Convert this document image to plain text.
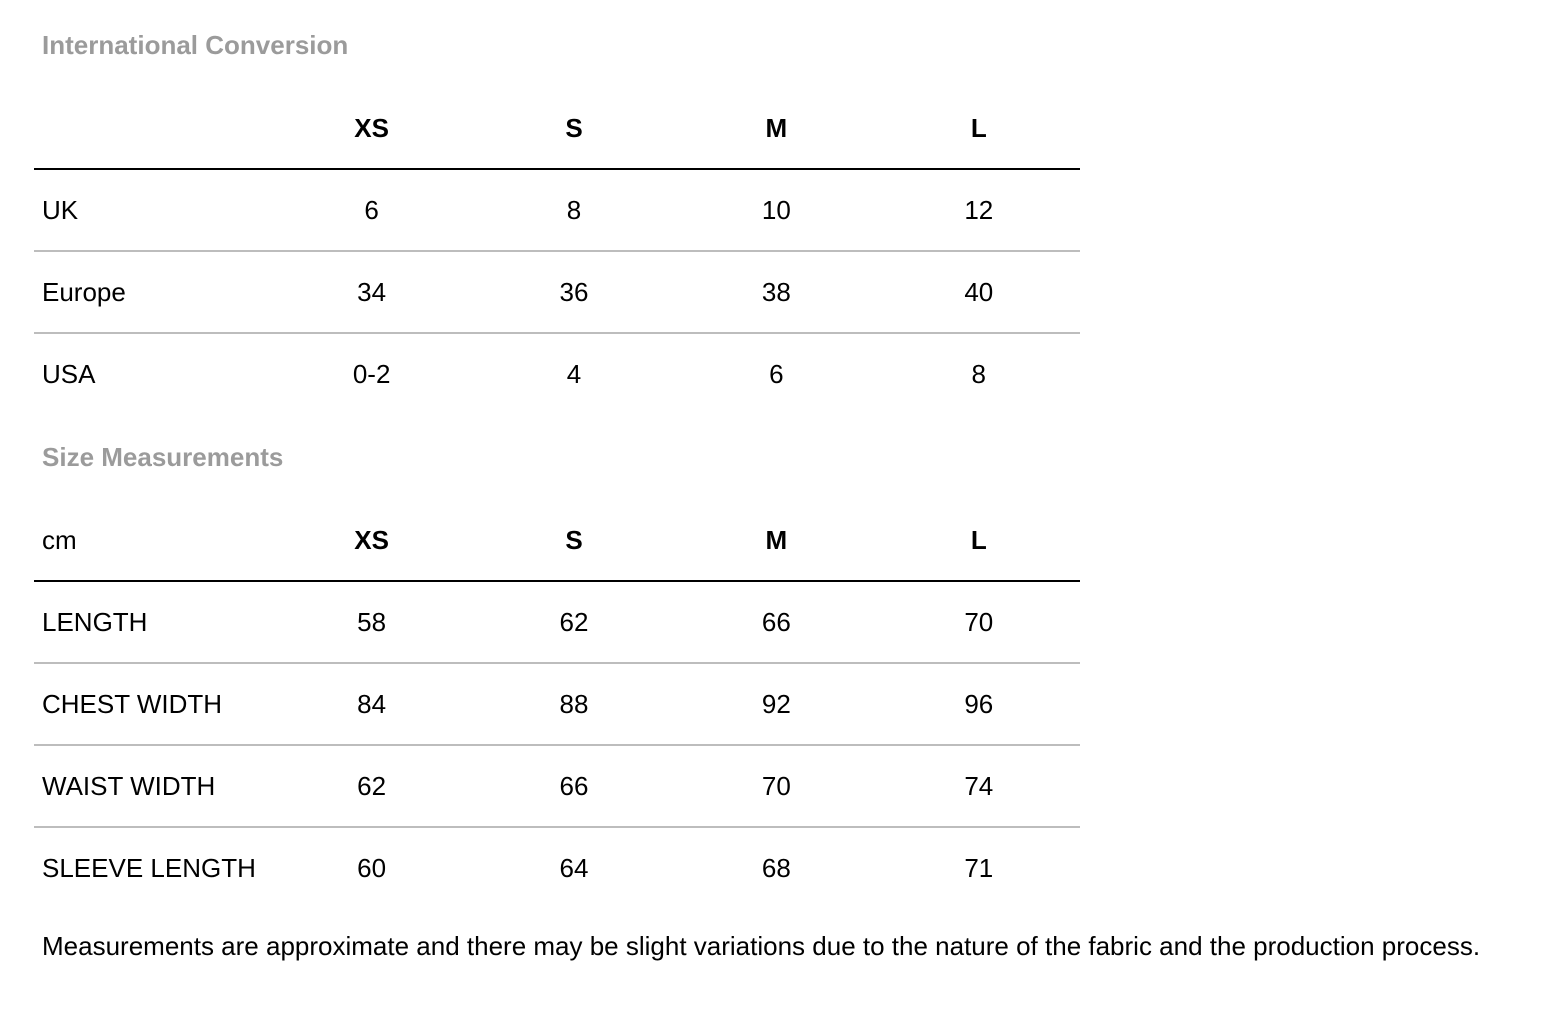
International Conversion
	XS	S	M	L
UK	6	8	10	12
Europe	34	36	38	40
USA	0-2	4	6	8
Size Measurements
cm	XS	S	M	L
LENGTH	58	62	66	70
CHEST WIDTH	84	88	92	96
WAIST WIDTH	62	66	70	74
SLEEVE LENGTH	60	64	68	71

Measurements are approximate and there may be slight variations due to the nature of the fabric and the production process.
